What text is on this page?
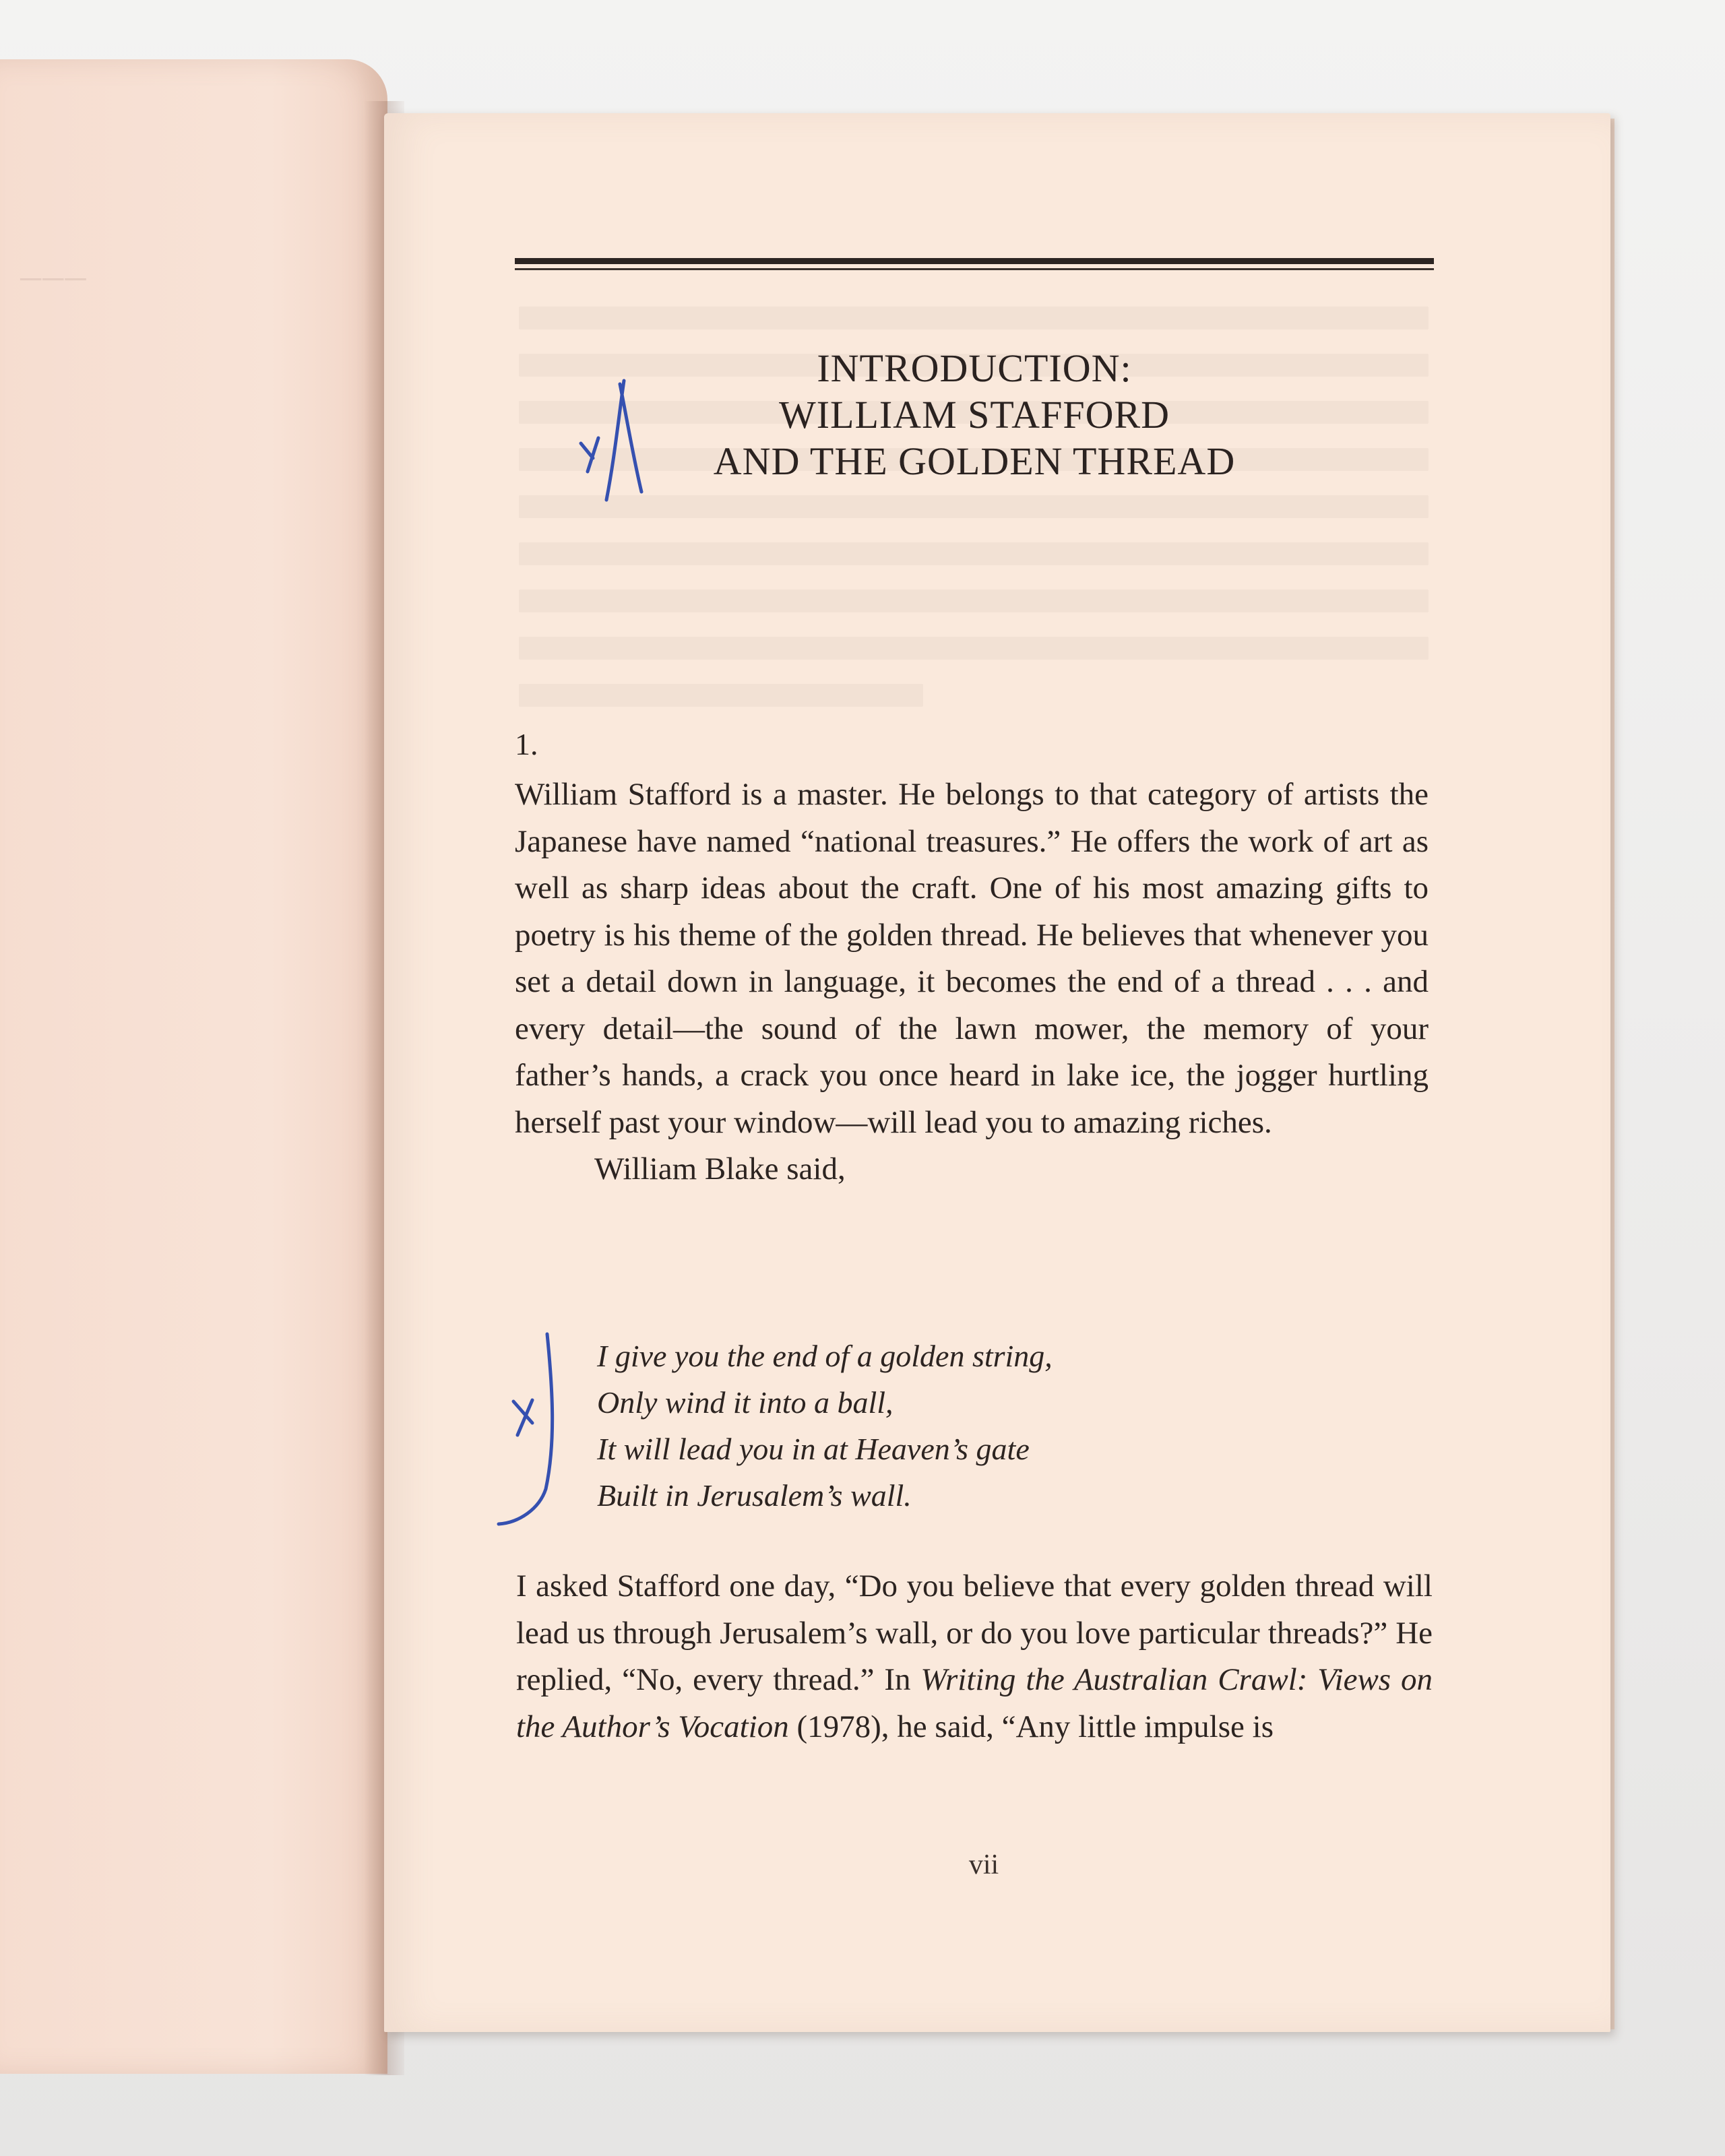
───
INTRODUCTION:
WILLIAM STAFFORD
AND THE GOLDEN THREAD

1.

William Stafford is a master. He belongs to that category of artists the Japanese have named “national treasures.” He offers the work of art as well as sharp ideas about the craft. One of his most amazing gifts to poetry is his theme of the golden thread. He believes that whenever you set a detail down in language, it becomes the end of a thread . . . and every detail—the sound of the lawn mower, the memory of your father’s hands, a crack you once heard in lake ice, the jogger hurtling herself past your window—will lead you to amazing riches.

William Blake said,

I give you the end of a golden string,
Only wind it into a ball,
It will lead you in at Heaven’s gate
Built in Jerusalem’s wall.

I asked Stafford one day, “Do you believe that every golden thread will lead us through Jerusalem’s wall, or do you love particular threads?” He replied, “No, every thread.” In Writing the Australian Crawl: Views on the Author’s Vocation (1978), he said, “Any little impulse is

vii
